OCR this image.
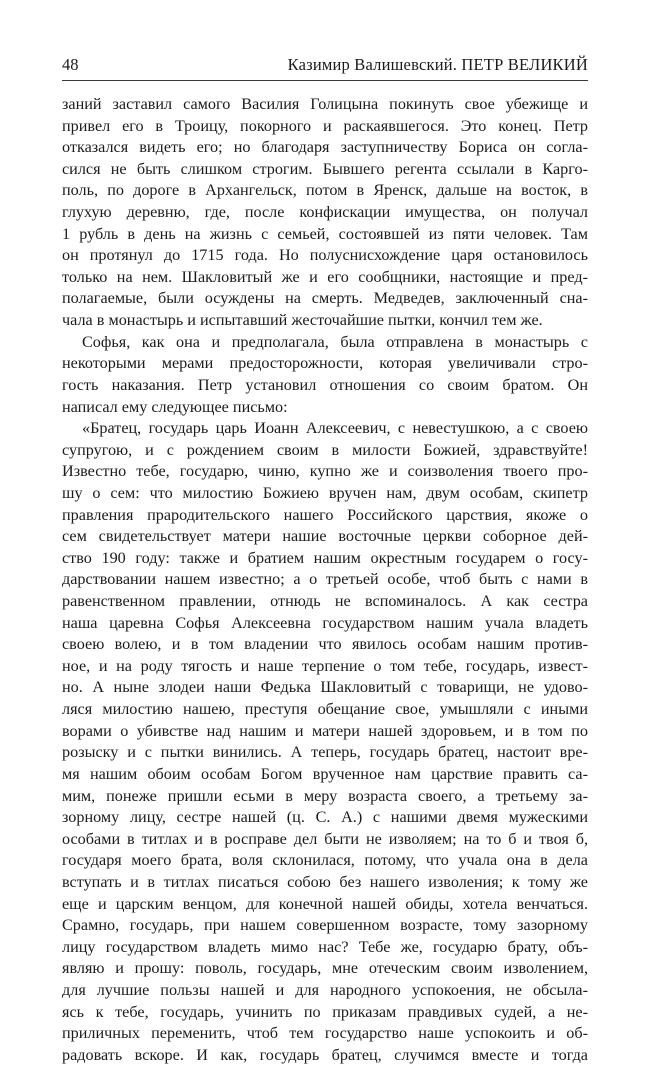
48	Казимир Валишевский. ПЕТР ВЕЛИКИЙ
заний заставил самого Василия Голицына покинуть свое убежище и
привел его в Троицу, покорного и раскаявшегося. Это конец. Петр
отказался видеть его; но благодаря заступничеству Бориса он согла-
сился не быть слишком строгим. Бывшего регента ссылали в Карго-
поль, по дороге в Архангельск, потом в Яренск, дальше на восток, в
глухую деревню, где, после конфискации имущества, он получал
1 рубль в день на жизнь с семьей, состоявшей из пяти человек. Там
он протянул до 1715 года. Но полуснисхождение царя остановилось
только на нем. Шакловитый же и его сообщники, настоящие и пред-
полагаемые, были осуждены на смерть. Медведев, заключенный сна-
чала в монастырь и испытавший жесточайшие пытки, кончил тем же.
Софья, как она и предполагала, была отправлена в монастырь с
некоторыми мерами предосторожности, которая увеличивали стро-
гость наказания. Петр установил отношения со своим братом. Он
написал ему следующее письмо:
«Братец, государь царь Иоанн Алексеевич, с невестушкою, а с своею
супругою, и с рождением своим в милости Божией, здравствуйте!
Известно тебе, государю, чиню, купно же и соизволения твоего про-
шу о сем: что милостию Божиею вручен нам, двум особам, скипетр
правления прародительского нашего Российского царствия, якоже о
сем свидетельствует матери нашие восточные церкви соборное дей-
ство 190 году: также и братием нашим окрестным государем о госу-
дарствовании нашем известно; а о третьей особе, чтоб быть с нами в
равенственном правлении, отнюдь не вспоминалось. А как сестра
наша царевна Софья Алексеевна государством нашим учала владеть
своею волею, и в том владении что явилось особам нашим против-
ное, и на роду тягость и наше терпение о том тебе, государь, извест-
но. А ныне злодеи наши Федька Шакловитый с товарищи, не удово-
ляся милостию нашею, преступя обещание свое, умышляли с иными
ворами о убивстве над нашим и матери нашей здоровьем, и в том по
розыску и с пытки винились. А теперь, государь братец, настоит вре-
мя нашим обоим особам Богом врученное нам царствие править са-
мим, понеже пришли есьми в меру возраста своего, а третьему за-
зорному лицу, сестре нашей (ц. С. А.) с нашими двемя мужескими
особами в титлах и в росправе дел быти не изволяем; на то б и твоя б,
государя моего брата, воля склонилася, потому, что учала она в дела
вступать и в титлах писаться собою без нашего изволения; к тому же
еще и царским венцом, для конечной нашей обиды, хотела венчаться.
Срамно, государь, при нашем совершенном возрасте, тому зазорному
лицу государством владеть мимо нас? Тебе же, государю брату, объ-
являю и прошу: поволь, государь, мне отеческим своим изволением,
для лучшие пользы нашей и для народного успокоения, не обсыла-
ясь к тебе, государь, учинить по приказам правдивых судей, а не-
приличных переменить, чтоб тем государство наше успокоить и об-
радовать вскоре. И как, государь братец, случимся вместе и тогда
